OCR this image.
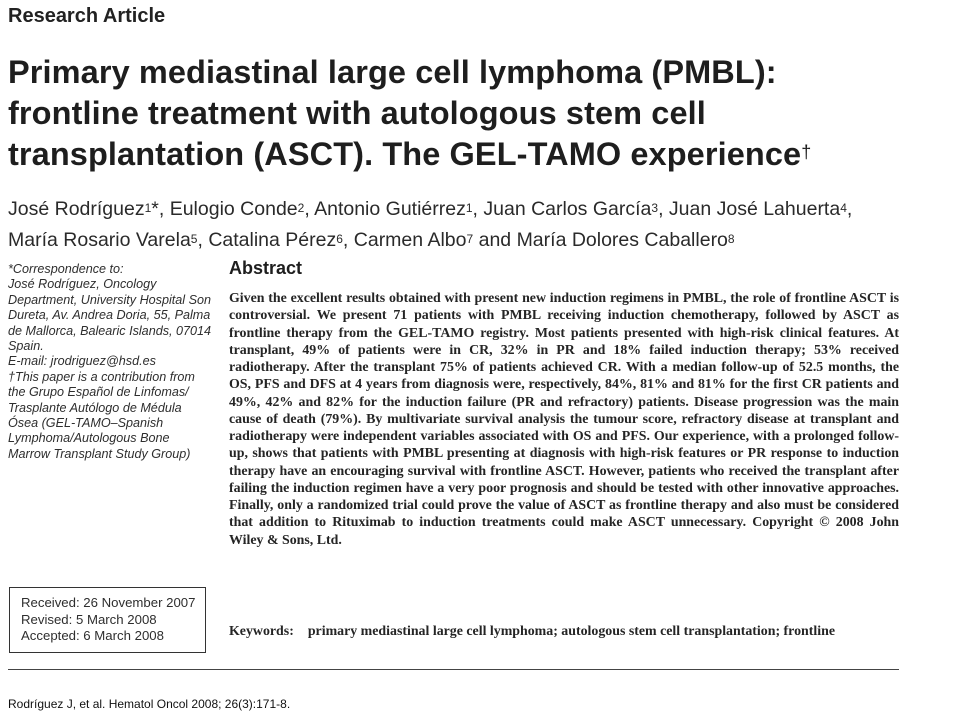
Research Article
Primary mediastinal large cell lymphoma (PMBL):
frontline treatment with autologous stem cell
transplantation (ASCT). The GEL-TAMO experience†
José Rodríguez$^1$*, Eulogio Conde$^2$, Antonio Gutiérrez$^1$, Juan Carlos García$^3$, Juan José Lahuerta$^4$,
María Rosario Varela$^5$, Catalina Pérez$^6$, Carmen Albo$^7$ and María Dolores Caballero$^8$

*Correspondence to:

José Rodríguez, Oncology Department, University Hospital Son Dureta, Av. Andrea Doria, 55, Palma de Mallorca, Balearic Islands, 07014 Spain.

E-mail: jrodriguez@hsd.es

†This paper is a contribution from the Grupo Español de Linfomas/ Trasplante Autólogo de Médula Ósea (GEL-TAMO–Spanish Lymphoma/Autologous Bone Marrow Transplant Study Group)

Received: 26 November 2007
Revised: 5 March 2008
Accepted: 6 March 2008
Abstract
Given the excellent results obtained with present new induction regimens in PMBL, the role of frontline ASCT is controversial. We present 71 patients with PMBL receiving induction chemotherapy, followed by ASCT as frontline therapy from the GEL-TAMO registry. Most patients presented with high-risk clinical features. At transplant, 49% of patients were in CR, 32% in PR and 18% failed induction therapy; 53% received radiotherapy. After the transplant 75% of patients achieved CR. With a median follow-up of 52.5 months, the OS, PFS and DFS at 4 years from diagnosis were, respectively, 84%, 81% and 81% for the first CR patients and 49%, 42% and 82% for the induction failure (PR and refractory) patients. Disease progression was the main cause of death (79%). By multivariate survival analysis the tumour score, refractory disease at transplant and radiotherapy were independent variables associated with OS and PFS. Our experience, with a prolonged follow-up, shows that patients with PMBL presenting at diagnosis with high-risk features or PR response to induction therapy have an encouraging survival with frontline ASCT. However, patients who received the transplant after failing the induction regimen have a very poor prognosis and should be tested with other innovative approaches. Finally, only a randomized trial could prove the value of ASCT as frontline therapy and also must be considered that addition to Rituximab to induction treatments could make ASCT unnecessary. Copyright © 2008 John Wiley & Sons, Ltd.
Keywords: primary mediastinal large cell lymphoma; autologous stem cell transplantation; frontline
Rodríguez J, et al. Hematol Oncol 2008; 26(3):171-8.
